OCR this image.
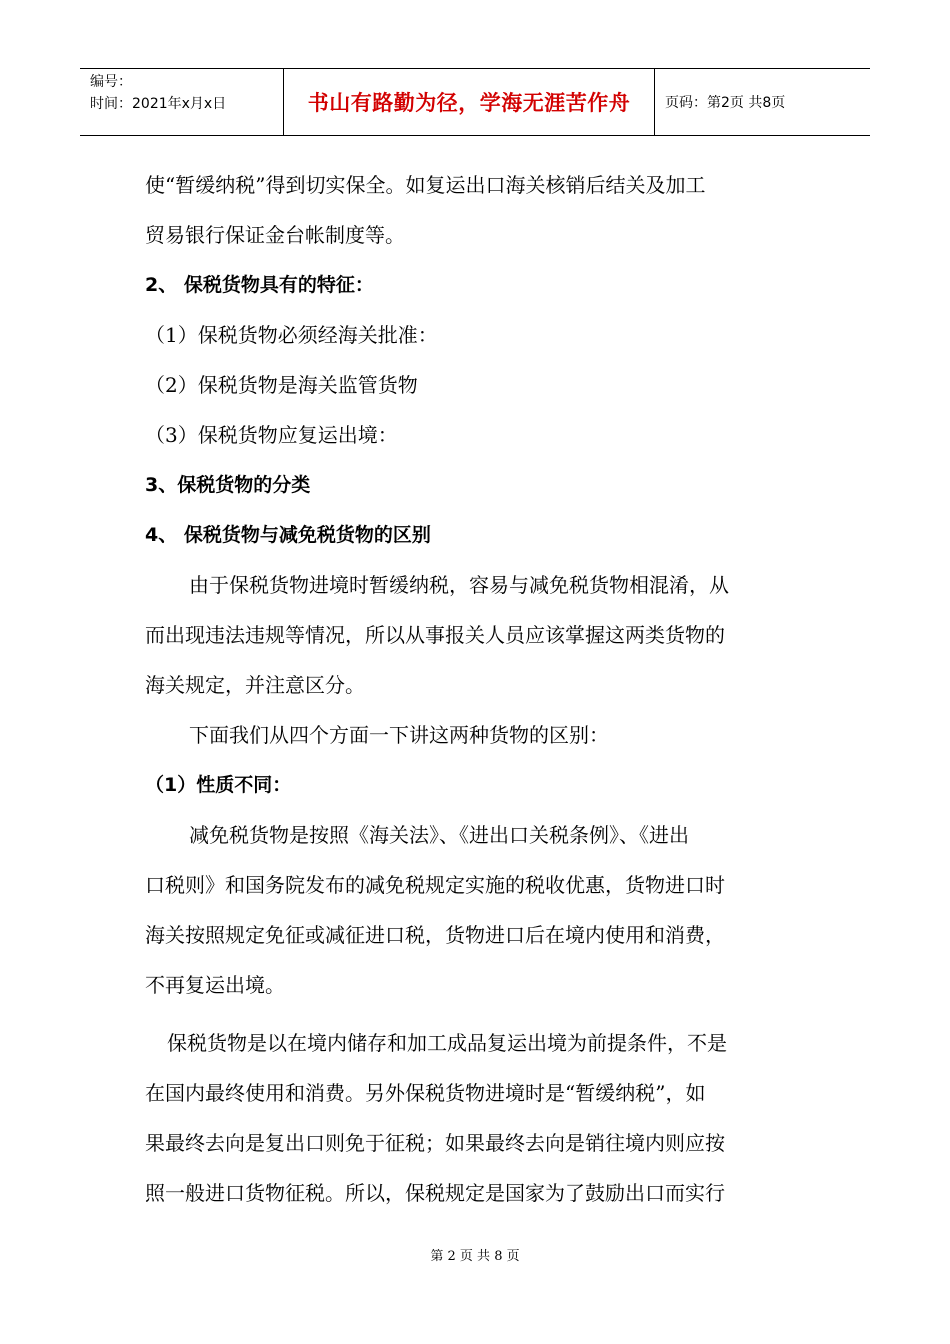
编号：
时间：2021年x月x日	书山有路勤为径，学海无涯苦作舟 页码：第2页 共8页

使“暂缓纳税”得到切实保全。如复运出口海关核销后结关及加工

贸易银行保证金台帐制度等。

2、 保税货物具有的特征：

（1）保税货物必须经海关批准：

（2）保税货物是海关监管货物

（3）保税货物应复运出境：

3、保税货物的分类

4、 保税货物与减免税货物的区别

由于保税货物进境时暂缓纳税，容易与减免税货物相混淆，从

而出现违法违规等情况，所以从事报关人员应该掌握这两类货物的

海关规定，并注意区分。

下面我们从四个方面一下讲这两种货物的区别：

（1）性质不同：

减免税货物是按照《海关法》、《进出口关税条例》、《进出

口税则》和国务院发布的减免税规定实施的税收优惠，货物进口时

海关按照规定免征或减征进口税，货物进口后在境内使用和消费，

不再复运出境。

保税货物是以在境内储存和加工成品复运出境为前提条件，不是

在国内最终使用和消费。另外保税货物进境时是“暂缓纳税”，如

果最终去向是复出口则免于征税；如果最终去向是销往境内则应按

照一般进口货物征税。所以，保税规定是国家为了鼓励出口而实行

第 2 页 共 8 页
